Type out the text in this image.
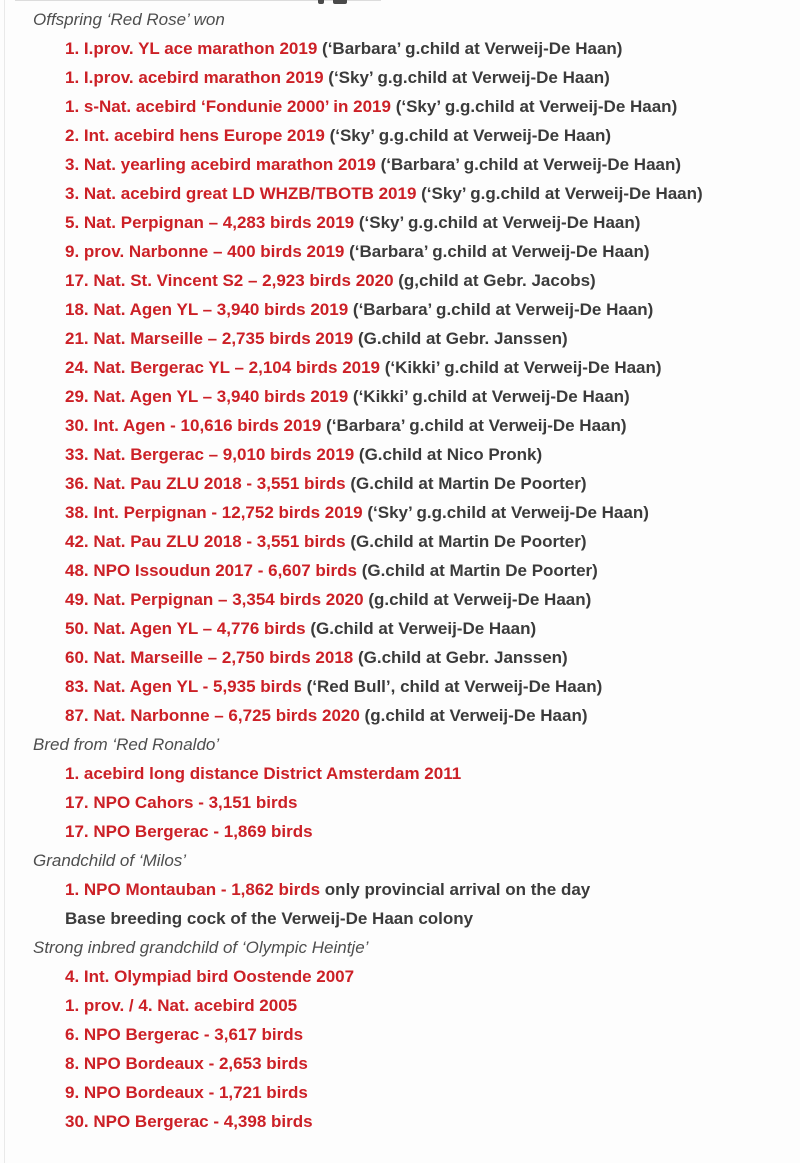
Offspring ‘Red Rose’ won
1. I.prov. YL ace marathon 2019 (‘Barbara’ g.child at Verweij-De Haan)
1. I.prov. acebird marathon 2019 (‘Sky’ g.g.child at Verweij-De Haan)
1. s-Nat. acebird ‘Fondunie 2000’ in 2019 (‘Sky’ g.g.child at Verweij-De Haan)
2. Int. acebird hens Europe 2019 (‘Sky’ g.g.child at Verweij-De Haan)
3. Nat. yearling acebird marathon 2019 (‘Barbara’ g.child at Verweij-De Haan)
3. Nat. acebird great LD WHZB/TBOTB 2019 (‘Sky’ g.g.child at Verweij-De Haan)
5. Nat. Perpignan – 4,283 birds 2019 (‘Sky’ g.g.child at Verweij-De Haan)
9. prov. Narbonne – 400 birds 2019 (‘Barbara’ g.child at Verweij-De Haan)
17. Nat. St. Vincent S2 – 2,923 birds 2020 (g,child at Gebr. Jacobs)
18. Nat. Agen YL – 3,940 birds 2019 (‘Barbara’ g.child at Verweij-De Haan)
21. Nat. Marseille – 2,735 birds 2019 (G.child at Gebr. Janssen)
24. Nat. Bergerac YL – 2,104 birds 2019 (‘Kikki’ g.child at Verweij-De Haan)
29. Nat. Agen YL – 3,940 birds 2019 (‘Kikki’ g.child at Verweij-De Haan)
30. Int. Agen - 10,616 birds 2019 (‘Barbara’ g.child at Verweij-De Haan)
33. Nat. Bergerac – 9,010 birds 2019 (G.child at Nico Pronk)
36. Nat. Pau ZLU 2018 - 3,551 birds (G.child at Martin De Poorter)
38. Int. Perpignan - 12,752 birds 2019 (‘Sky’ g.g.child at Verweij-De Haan)
42. Nat. Pau ZLU 2018 - 3,551 birds (G.child at Martin De Poorter)
48. NPO Issoudun 2017 - 6,607 birds (G.child at Martin De Poorter)
49. Nat. Perpignan – 3,354 birds 2020 (g.child at Verweij-De Haan)
50. Nat. Agen YL – 4,776 birds (G.child at Verweij-De Haan)
60. Nat. Marseille – 2,750 birds 2018 (G.child at Gebr. Janssen)
83. Nat. Agen YL - 5,935 birds (‘Red Bull’, child at Verweij-De Haan)
87. Nat. Narbonne – 6,725 birds 2020 (g.child at Verweij-De Haan)
Bred from ‘Red Ronaldo’
1. acebird long distance District Amsterdam 2011
17. NPO Cahors - 3,151 birds
17. NPO Bergerac - 1,869 birds
Grandchild of ‘Milos’
1. NPO Montauban - 1,862 birds only provincial arrival on the day
Base breeding cock of the Verweij-De Haan colony
Strong inbred grandchild of ‘Olympic Heintje’
4. Int. Olympiad bird Oostende 2007
1. prov. / 4. Nat. acebird 2005
6. NPO Bergerac - 3,617 birds
8. NPO Bordeaux - 2,653 birds
9. NPO Bordeaux - 1,721 birds
30. NPO Bergerac - 4,398 birds
